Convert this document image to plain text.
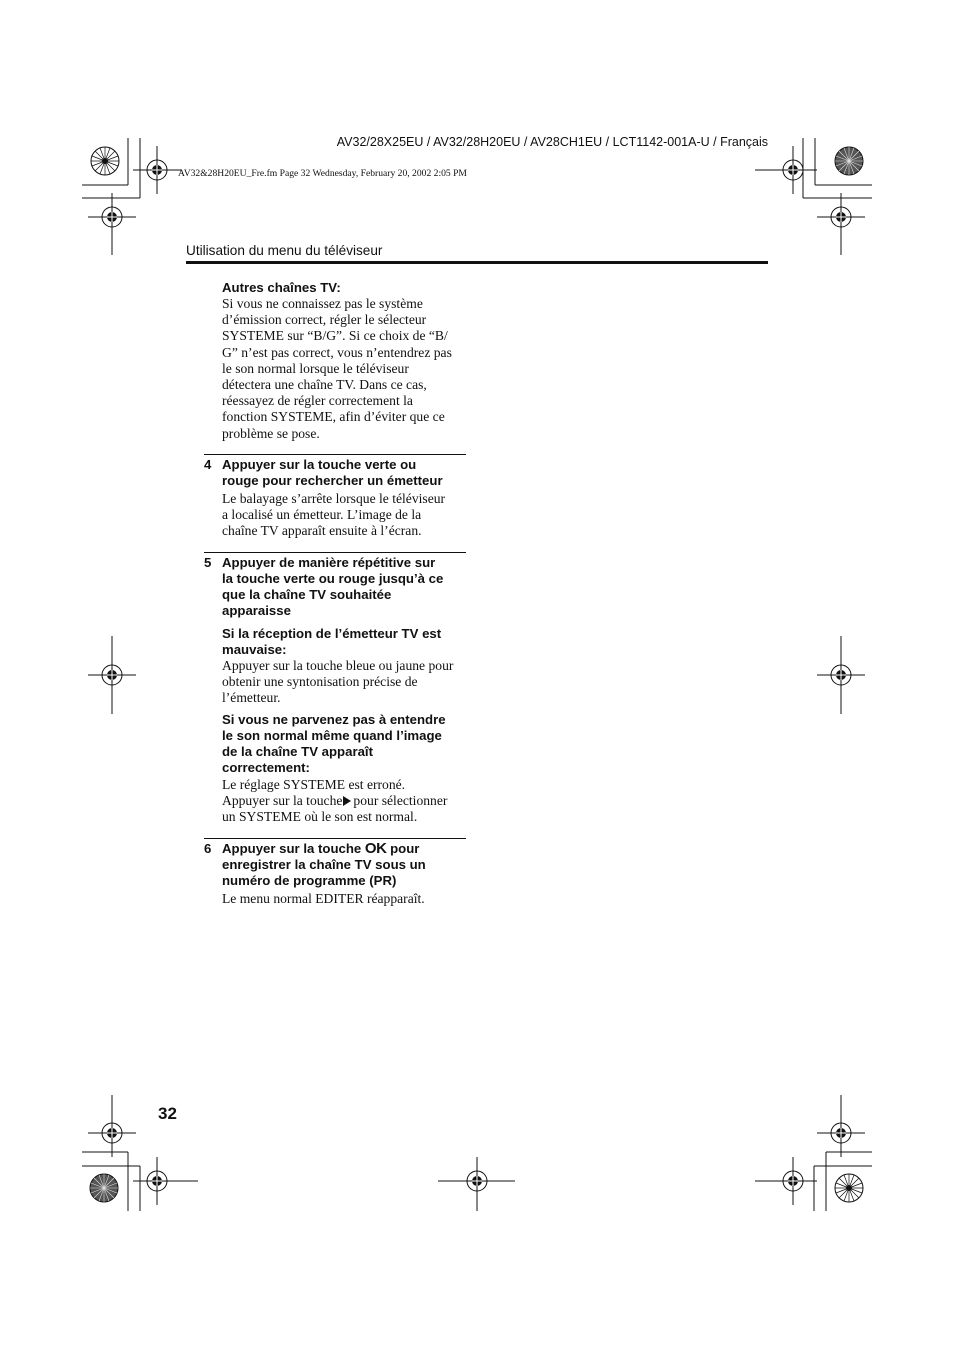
AV32/28X25EU / AV32/28H20EU / AV28CH1EU / LCT1142-001A-U / Français
AV32&28H20EU_Fre.fm Page 32 Wednesday, February 20, 2002 2:05 PM
Utilisation du menu du téléviseur
Autres chaînes TV:
Si vous ne connaissez pas le système
d’émission correct, régler le sélecteur
SYSTEME sur “B/G”. Si ce choix de “B/
G” n’est pas correct, vous n’entendrez pas
le son normal lorsque le téléviseur
détectera une chaîne TV. Dans ce cas,
réessayez de régler correctement la
fonction SYSTEME, afin d’éviter que ce
problème se pose.
4 Appuyer sur la touche verte ou
rouge pour rechercher un émetteur
Le balayage s’arrête lorsque le téléviseur
a localisé un émetteur. L’image de la
chaîne TV apparaît ensuite à l’écran.
5 Appuyer de manière répétitive sur
la touche verte ou rouge jusqu’à ce
que la chaîne TV souhaitée
apparaisse
Si la réception de l’émetteur TV est
mauvaise:
Appuyer sur la touche bleue ou jaune pour
obtenir une syntonisation précise de
l’émetteur.
Si vous ne parvenez pas à entendre
le son normal même quand l’image
de la chaîne TV apparaît
correctement:
Le réglage SYSTEME est erroné.
Appuyer sur la touche pour sélectionner
un SYSTEME où le son est normal.
6 Appuyer sur la touche OK pour
enregistrer la chaîne TV sous un
numéro de programme (PR)
Le menu normal EDITER réapparaît.
32
